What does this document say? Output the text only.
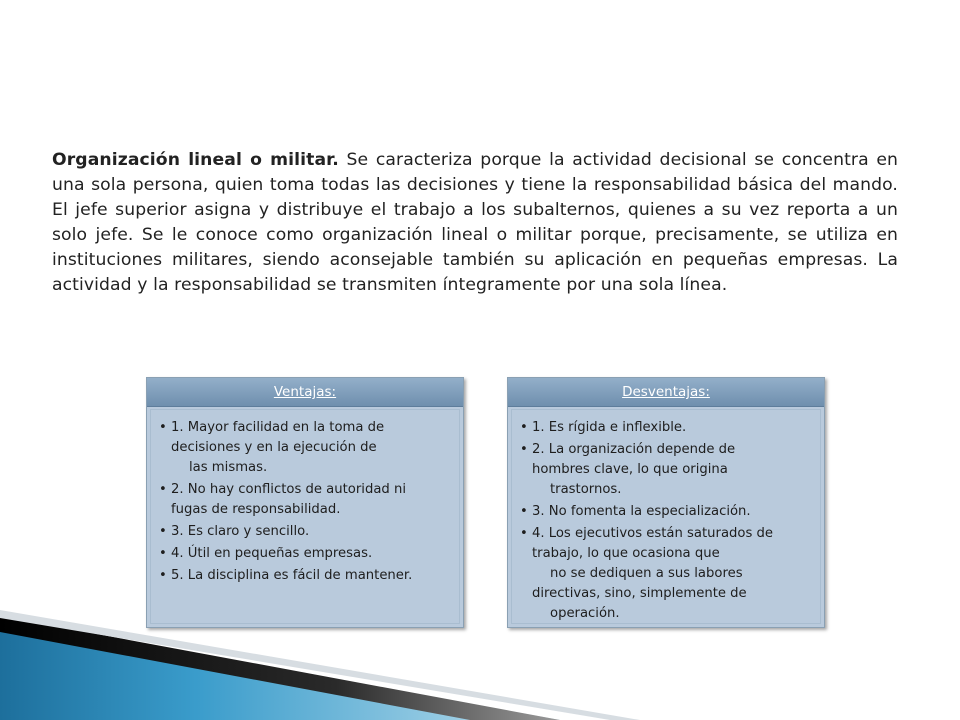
Organización lineal o militar. Se caracteriza porque la actividad decisional se concentra en una sola persona, quien toma todas las decisiones y tiene la responsabilidad básica del mando. El jefe superior asigna y distribuye el trabajo a los subalternos, quienes a su vez reporta a un solo jefe. Se le conoce como organización lineal o militar porque, precisamente, se utiliza en instituciones militares, siendo aconsejable también su aplicación en pequeñas empresas. La actividad y la responsabilidad se transmiten íntegramente por una sola línea.

Ventajas:
• 1. Mayor facilidad en la toma de
decisiones y en la ejecución de
las mismas.
• 2. No hay conflictos de autoridad ni
fugas de responsabilidad.
• 3. Es claro y sencillo.
• 4. Útil en pequeñas empresas.
• 5. La disciplina es fácil de mantener.
Desventajas:
• 1. Es rígida e inflexible.
• 2. La organización depende de
hombres clave, lo que origina
trastornos.
• 3. No fomenta la especialización.
• 4. Los ejecutivos están saturados de
trabajo, lo que ocasiona que
no se dediquen a sus labores
directivas, sino, simplemente de
operación.
